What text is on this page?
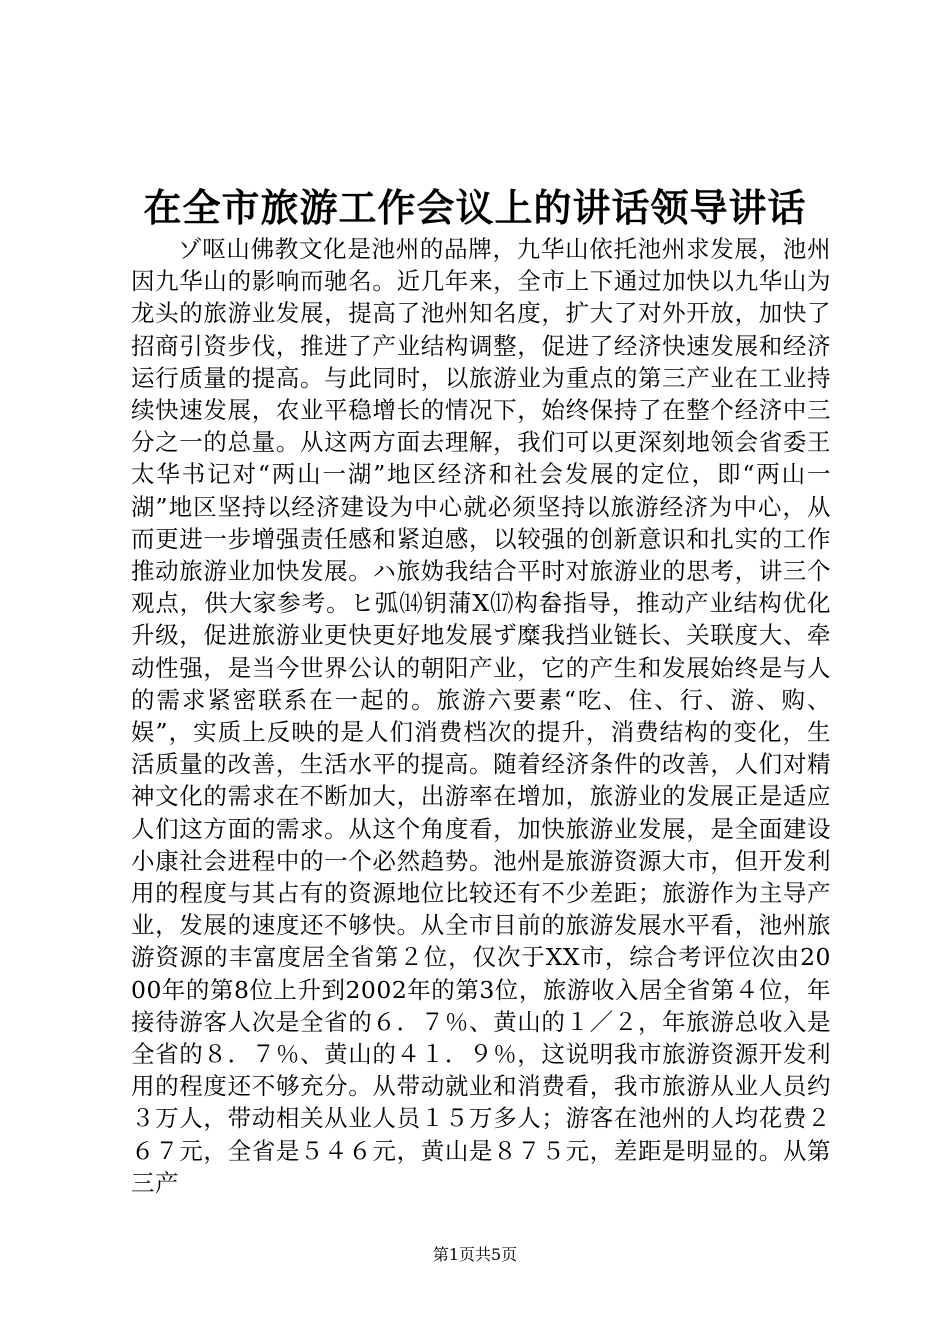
在全市旅游工作会议上的讲话领导讲话

ゾ呕山佛教文化是池州的品牌，九华山依托池州求发展，池州因九华山的影响而驰名。近几年来，全市上下通过加快以九华山为龙头的旅游业发展，提高了池州知名度，扩大了对外开放，加快了招商引资步伐，推进了产业结构调整，促进了经济快速发展和经济运行质量的提高。与此同时，以旅游业为重点的第三产业在工业持续快速发展，农业平稳增长的情况下，始终保持了在整个经济中三分之一的总量。从这两方面去理解，我们可以更深刻地领会省委王太华书记对“两山一湖”地区经济和社会发展的定位，即“两山一湖”地区坚持以经济建设为中心就必须坚持以旅游经济为中心，从而更进一步增强责任感和紧迫感，以较强的创新意识和扎实的工作推动旅游业加快发展。ハ旅妫我结合平时对旅游业的思考，讲三个观点，供大家参考。ヒ弧⒁钥蒲Ⅹ⒄构畚指导，推动产业结构优化升级，促进旅游业更快更好地发展ず糜我挡业链长、关联度大、牵动性强，是当今世界公认的朝阳产业，它的产生和发展始终是与人的需求紧密联系在一起的。旅游六要素“吃、住、行、游、购、娱”，实质上反映的是人们消费档次的提升，消费结构的变化，生活质量的改善，生活水平的提高。随着经济条件的改善，人们对精神文化的需求在不断加大，出游率在增加，旅游业的发展正是适应人们这方面的需求。从这个角度看，加快旅游业发展，是全面建设小康社会进程中的一个必然趋势。池州是旅游资源大市，但开发利用的程度与其占有的资源地位比较还有不少差距；旅游作为主导产业，发展的速度还不够快。从全市目前的旅游发展水平看，池州旅游资源的丰富度居全省第２位，仅次于XX市，综合考评位次由2000年的第8位上升到2002年的第3位，旅游收入居全省第４位，年接待游客人次是全省的６．７％、黄山的１／２，年旅游总收入是全省的８．７％、黄山的４１．９％，这说明我市旅游资源开发利用的程度还不够充分。从带动就业和消费看，我市旅游从业人员约３万人，带动相关从业人员１５万多人；游客在池州的人均花费２６７元，全省是５４６元，黄山是８７５元，差距是明显的。从第三产

第1页共5页
